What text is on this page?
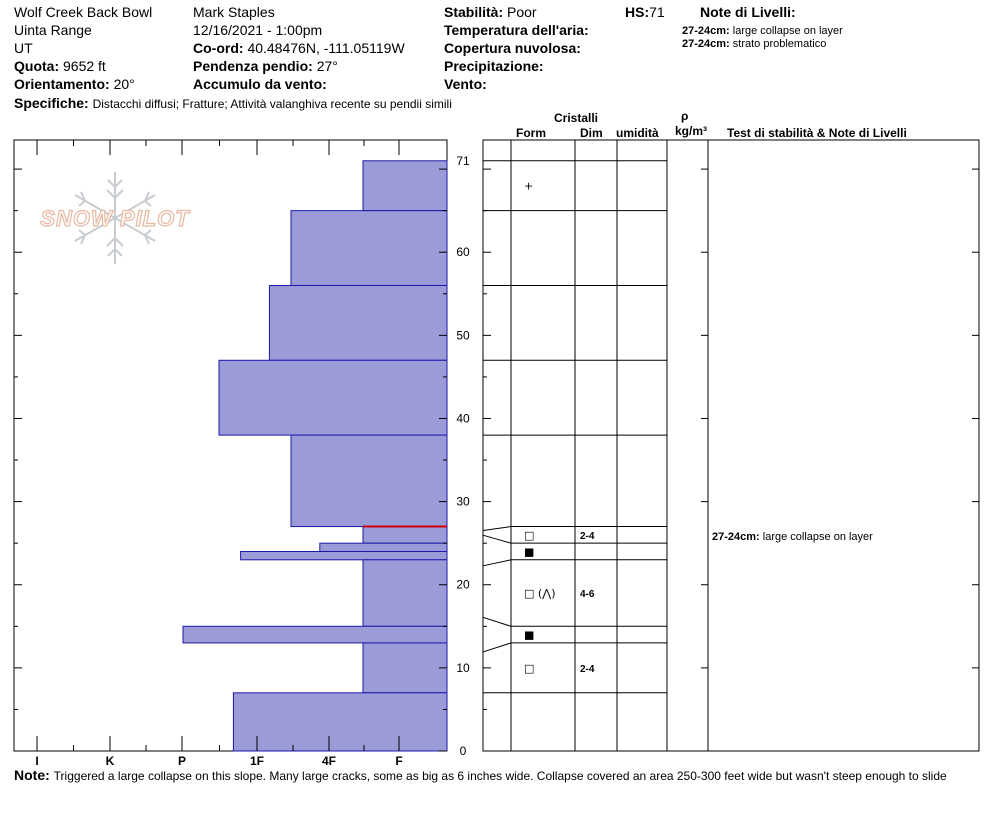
Wolf Creek Back Bowl
Uinta Range
UT
Quota: 9652 ft
Orientamento: 20°
Mark Staples
12/16/2021 - 1:00pm
Co-ord: 40.48476N, -111.05119W
Pendenza pendio: 27°
Accumulo da vento:
Stabilità: Poor
Temperatura dell'aria:
Copertura nuvolosa:
Precipitazione:
Vento:
HS:71	Note di Livelli:
27-24cm: large collapse on layer
27-24cm: strato problematico
Specifiche: Distacchi diffusi; Fratture; Attività valanghiva recente su pendii simili
Cristalli
Form	Dim umidità
ρ
kg/m³ Test di stabilità & Note di Livelli
SNOW PILOT
I	K	P	1F	4F	F
0
10
20
30
40
50
60
71
□	2-4
■
□ (⋀) 4-6
■
□	2-4
+
27-24cm: large collapse on layer
Note: Triggered a large collapse on this slope. Many large cracks, some as big as 6 inches wide. Collapse covered an area 250-300 feet wide but wasn't steep enough to slide
